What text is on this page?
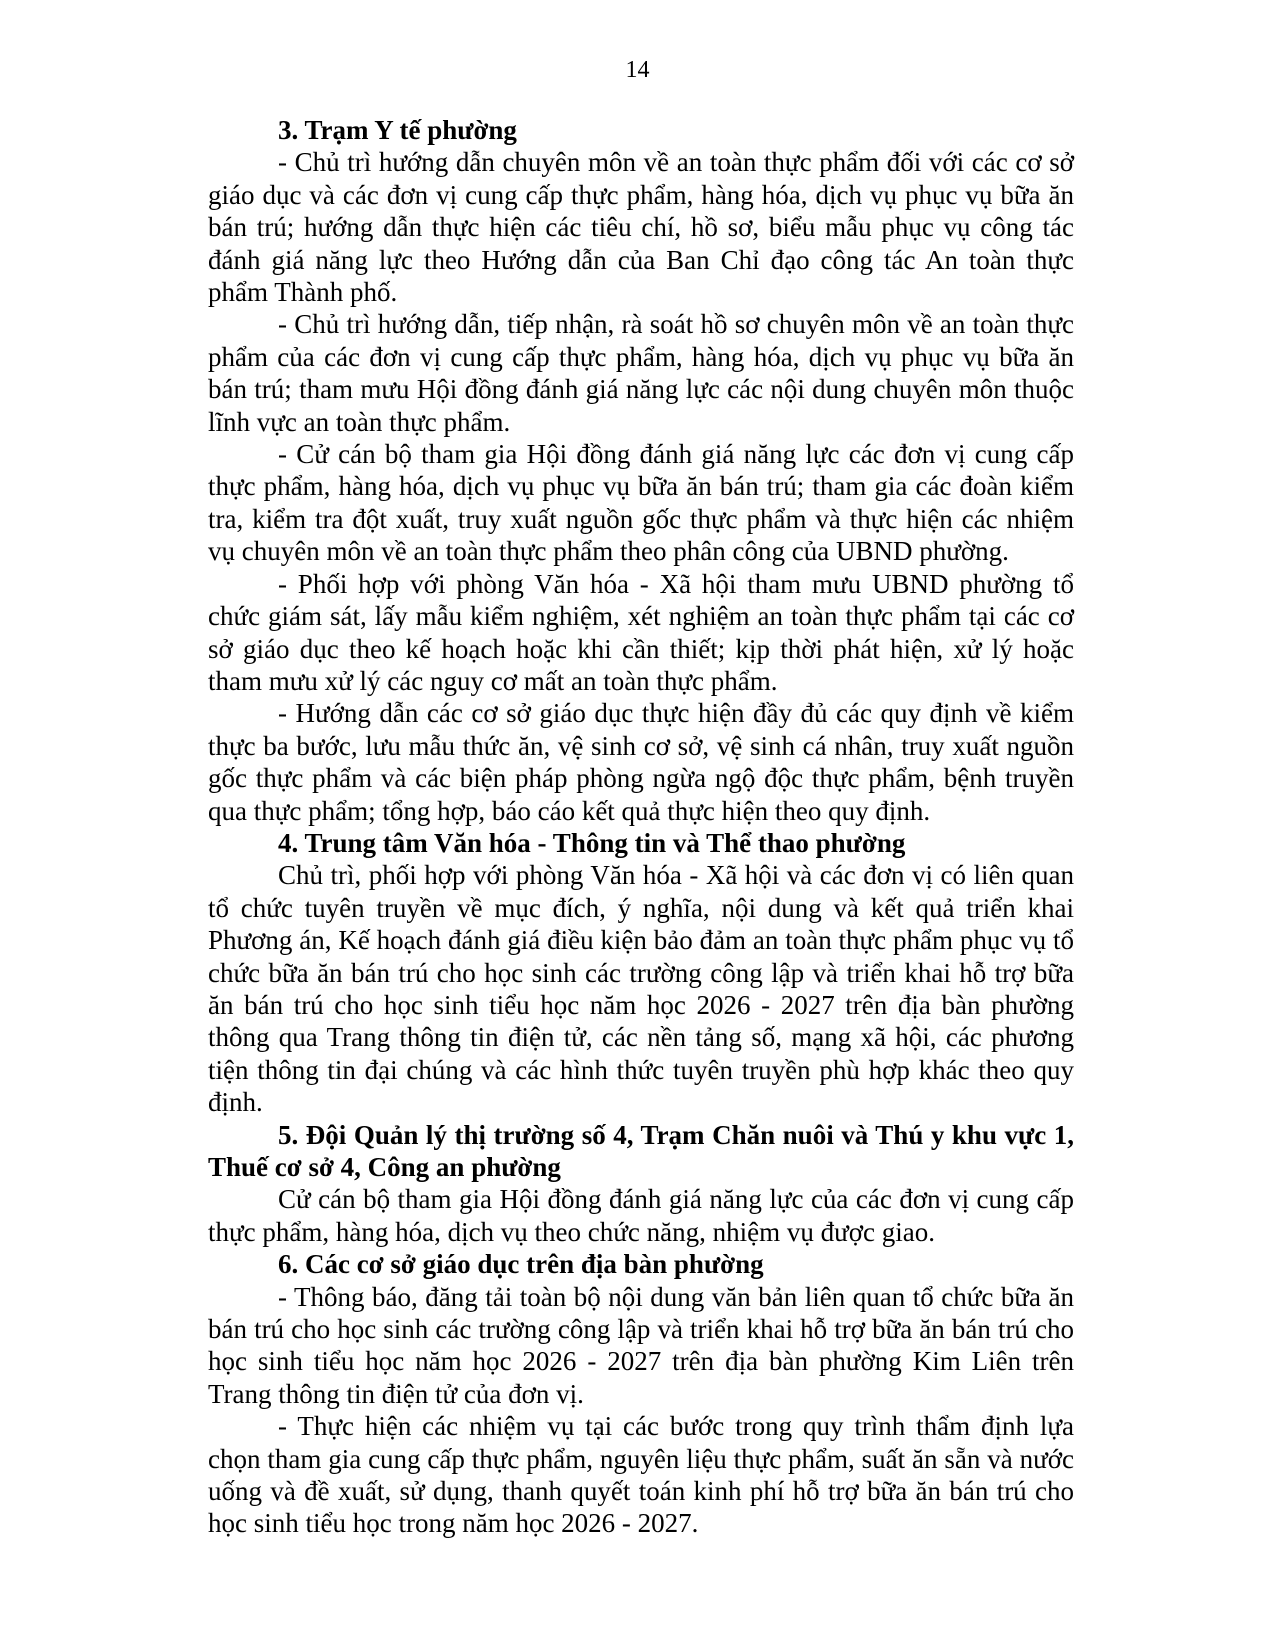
14

3. Trạm Y tế phường

- Chủ trì hướng dẫn chuyên môn về an toàn thực phẩm đối với các cơ sở giáo dục và các đơn vị cung cấp thực phẩm, hàng hóa, dịch vụ phục vụ bữa ăn bán trú; hướng dẫn thực hiện các tiêu chí, hồ sơ, biểu mẫu phục vụ công tác đánh giá năng lực theo Hướng dẫn của Ban Chỉ đạo công tác An toàn thực phẩm Thành phố.

- Chủ trì hướng dẫn, tiếp nhận, rà soát hồ sơ chuyên môn về an toàn thực phẩm của các đơn vị cung cấp thực phẩm, hàng hóa, dịch vụ phục vụ bữa ăn bán trú; tham mưu Hội đồng đánh giá năng lực các nội dung chuyên môn thuộc lĩnh vực an toàn thực phẩm.

- Cử cán bộ tham gia Hội đồng đánh giá năng lực các đơn vị cung cấp thực phẩm, hàng hóa, dịch vụ phục vụ bữa ăn bán trú; tham gia các đoàn kiểm tra, kiểm tra đột xuất, truy xuất nguồn gốc thực phẩm và thực hiện các nhiệm vụ chuyên môn về an toàn thực phẩm theo phân công của UBND phường.

- Phối hợp với phòng Văn hóa - Xã hội tham mưu UBND phường tổ chức giám sát, lấy mẫu kiểm nghiệm, xét nghiệm an toàn thực phẩm tại các cơ sở giáo dục theo kế hoạch hoặc khi cần thiết; kịp thời phát hiện, xử lý hoặc tham mưu xử lý các nguy cơ mất an toàn thực phẩm.

- Hướng dẫn các cơ sở giáo dục thực hiện đầy đủ các quy định về kiểm thực ba bước, lưu mẫu thức ăn, vệ sinh cơ sở, vệ sinh cá nhân, truy xuất nguồn gốc thực phẩm và các biện pháp phòng ngừa ngộ độc thực phẩm, bệnh truyền qua thực phẩm; tổng hợp, báo cáo kết quả thực hiện theo quy định.

4. Trung tâm Văn hóa - Thông tin và Thể thao phường

Chủ trì, phối hợp với phòng Văn hóa - Xã hội và các đơn vị có liên quan tổ chức tuyên truyền về mục đích, ý nghĩa, nội dung và kết quả triển khai Phương án, Kế hoạch đánh giá điều kiện bảo đảm an toàn thực phẩm phục vụ tổ chức bữa ăn bán trú cho học sinh các trường công lập và triển khai hỗ trợ bữa ăn bán trú cho học sinh tiểu học năm học 2026 - 2027 trên địa bàn phường thông qua Trang thông tin điện tử, các nền tảng số, mạng xã hội, các phương tiện thông tin đại chúng và các hình thức tuyên truyền phù hợp khác theo quy định.

5. Đội Quản lý thị trường số 4, Trạm Chăn nuôi và Thú y khu vực 1, Thuế cơ sở 4, Công an phường

Cử cán bộ tham gia Hội đồng đánh giá năng lực của các đơn vị cung cấp thực phẩm, hàng hóa, dịch vụ theo chức năng, nhiệm vụ được giao.

6. Các cơ sở giáo dục trên địa bàn phường

- Thông báo, đăng tải toàn bộ nội dung văn bản liên quan tổ chức bữa ăn bán trú cho học sinh các trường công lập và triển khai hỗ trợ bữa ăn bán trú cho học sinh tiểu học năm học 2026 - 2027 trên địa bàn phường Kim Liên trên Trang thông tin điện tử của đơn vị.

- Thực hiện các nhiệm vụ tại các bước trong quy trình thẩm định lựa chọn tham gia cung cấp thực phẩm, nguyên liệu thực phẩm, suất ăn sẵn và nước uống và đề xuất, sử dụng, thanh quyết toán kinh phí hỗ trợ bữa ăn bán trú cho học sinh tiểu học trong năm học 2026 - 2027.
